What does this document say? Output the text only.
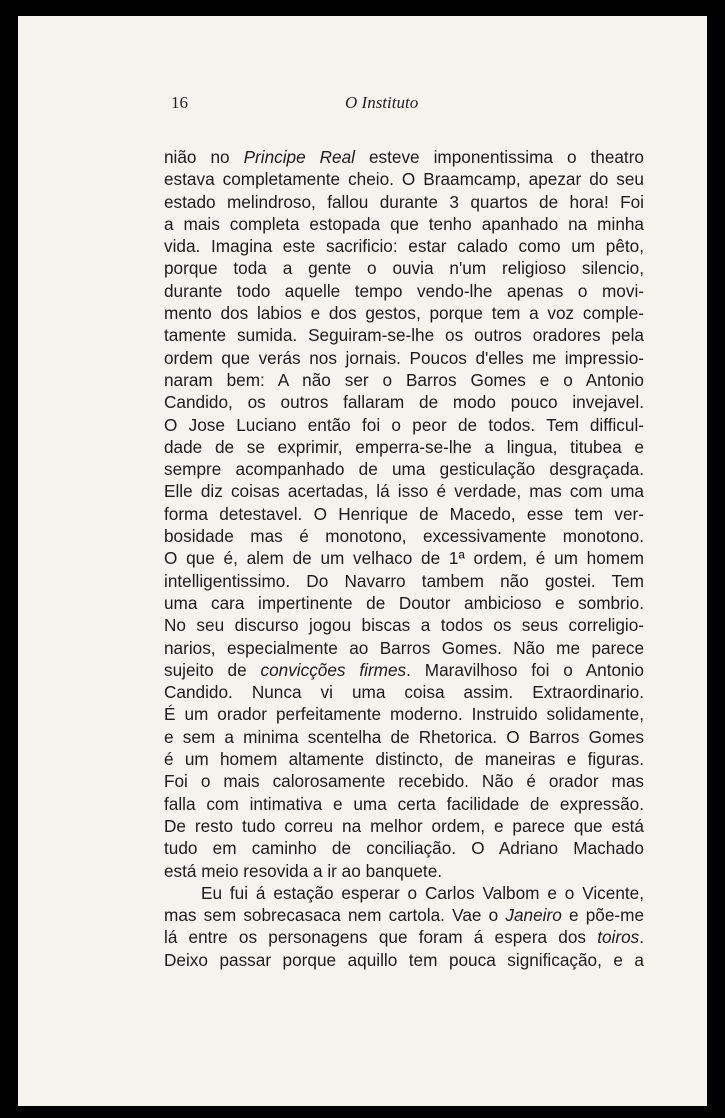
16	O Instituto
nião no Principe Real esteve imponentissima o theatro
estava completamente cheio. O Braamcamp, apezar do seu
estado melindroso, fallou durante 3 quartos de hora! Foi
a mais completa estopada que tenho apanhado na minha
vida. Imagina este sacrificio: estar calado como um pêto,
porque toda a gente o ouvia n'um religioso silencio,
durante todo aquelle tempo vendo-lhe apenas o movi-
mento dos labios e dos gestos, porque tem a voz comple-
tamente sumida. Seguiram-se-lhe os outros oradores pela
ordem que verás nos jornais. Poucos d'elles me impressio-
naram bem: A não ser o Barros Gomes e o Antonio
Candido, os outros fallaram de modo pouco invejavel.
O Jose Luciano então foi o peor de todos. Tem difficul-
dade de se exprimir, emperra-se-lhe a lingua, titubea e
sempre acompanhado de uma gesticulação desgraçada.
Elle diz coisas acertadas, lá isso é verdade, mas com uma
forma detestavel. O Henrique de Macedo, esse tem ver-
bosidade mas é monotono, excessivamente monotono.
O que é, alem de um velhaco de 1ª ordem, é um homem
intelligentissimo. Do Navarro tambem não gostei. Tem
uma cara impertinente de Doutor ambicioso e sombrio.
No seu discurso jogou biscas a todos os seus correligio-
narios, especialmente ao Barros Gomes. Não me parece
sujeito de convicções firmes. Maravilhoso foi o Antonio
Candido. Nunca vi uma coisa assim. Extraordinario.
É um orador perfeitamente moderno. Instruido solidamente,
e sem a minima scentelha de Rhetorica. O Barros Gomes
é um homem altamente distincto, de maneiras e figuras.
Foi o mais calorosamente recebido. Não é orador mas
falla com intimativa e uma certa facilidade de expressão.
De resto tudo correu na melhor ordem, e parece que está
tudo em caminho de conciliação. O Adriano Machado
está meio resovida a ir ao banquete.
Eu fui á estação esperar o Carlos Valbom e o Vicente,
mas sem sobrecasaca nem cartola. Vae o Janeiro e põe-me
lá entre os personagens que foram á espera dos toiros.
Deixo passar porque aquillo tem pouca significação, e a
